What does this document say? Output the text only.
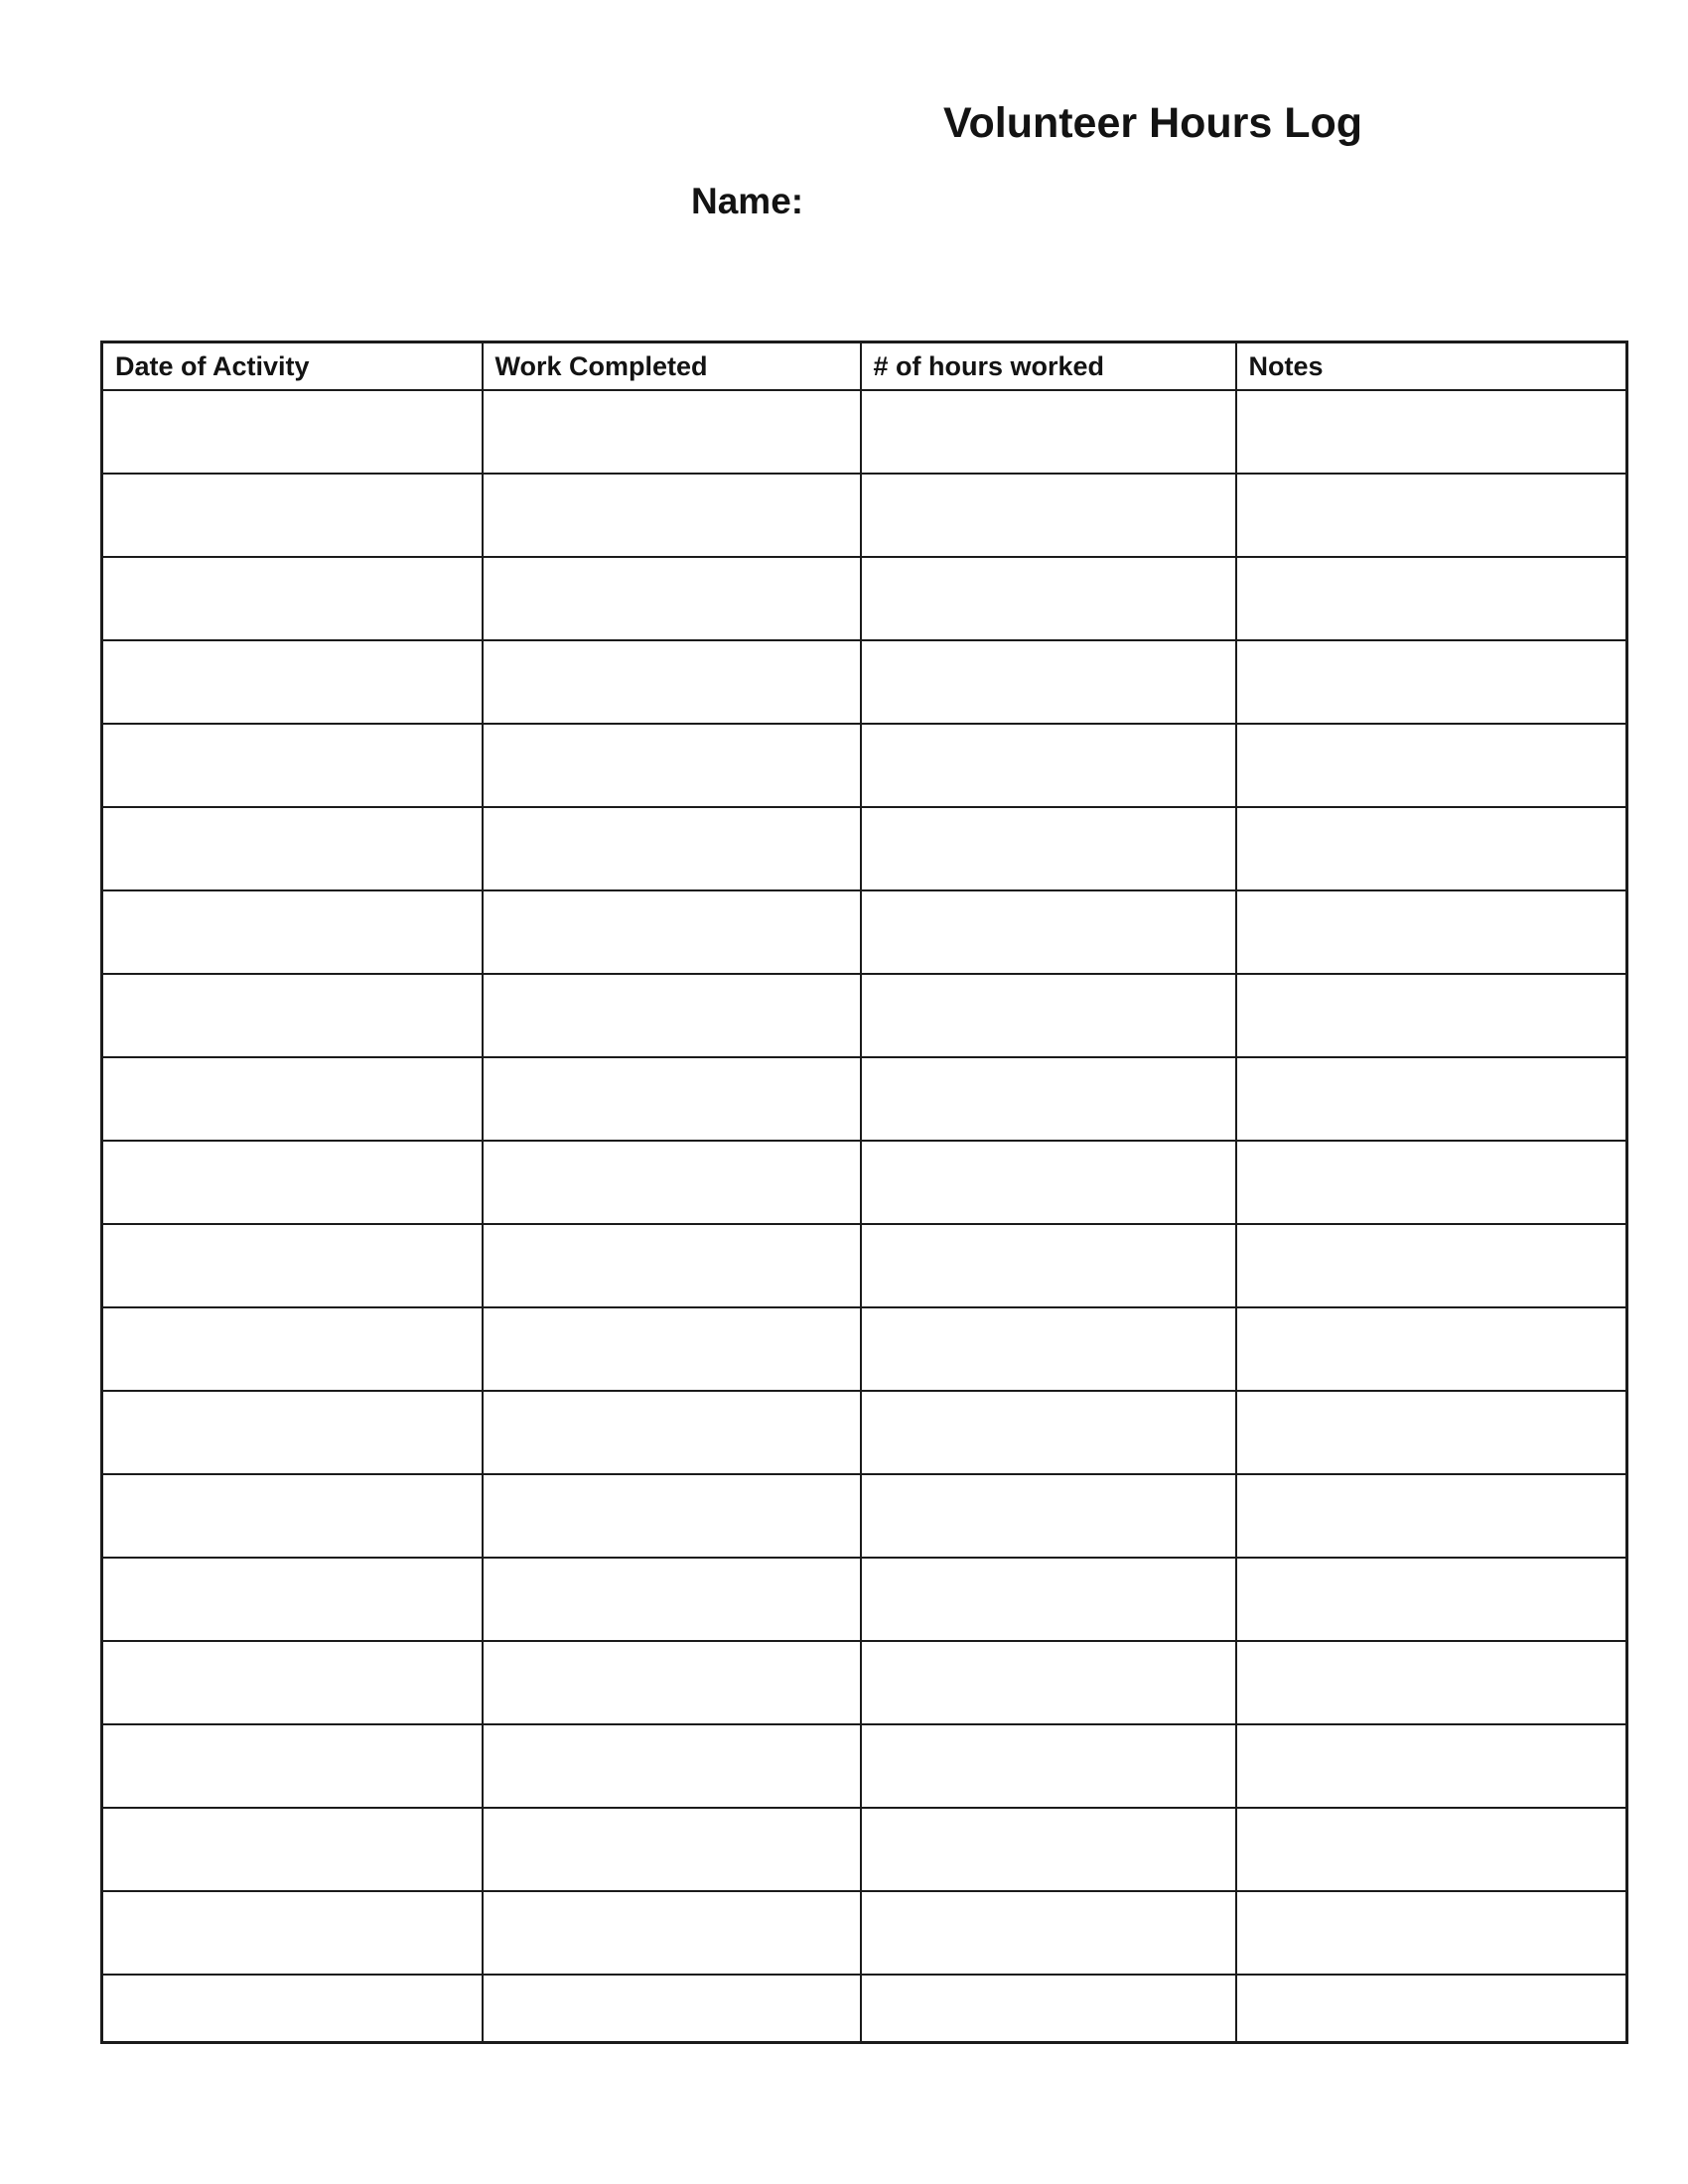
Volunteer Hours Log
Name:
Date of Activity	Work Completed	# of hours worked	Notes
